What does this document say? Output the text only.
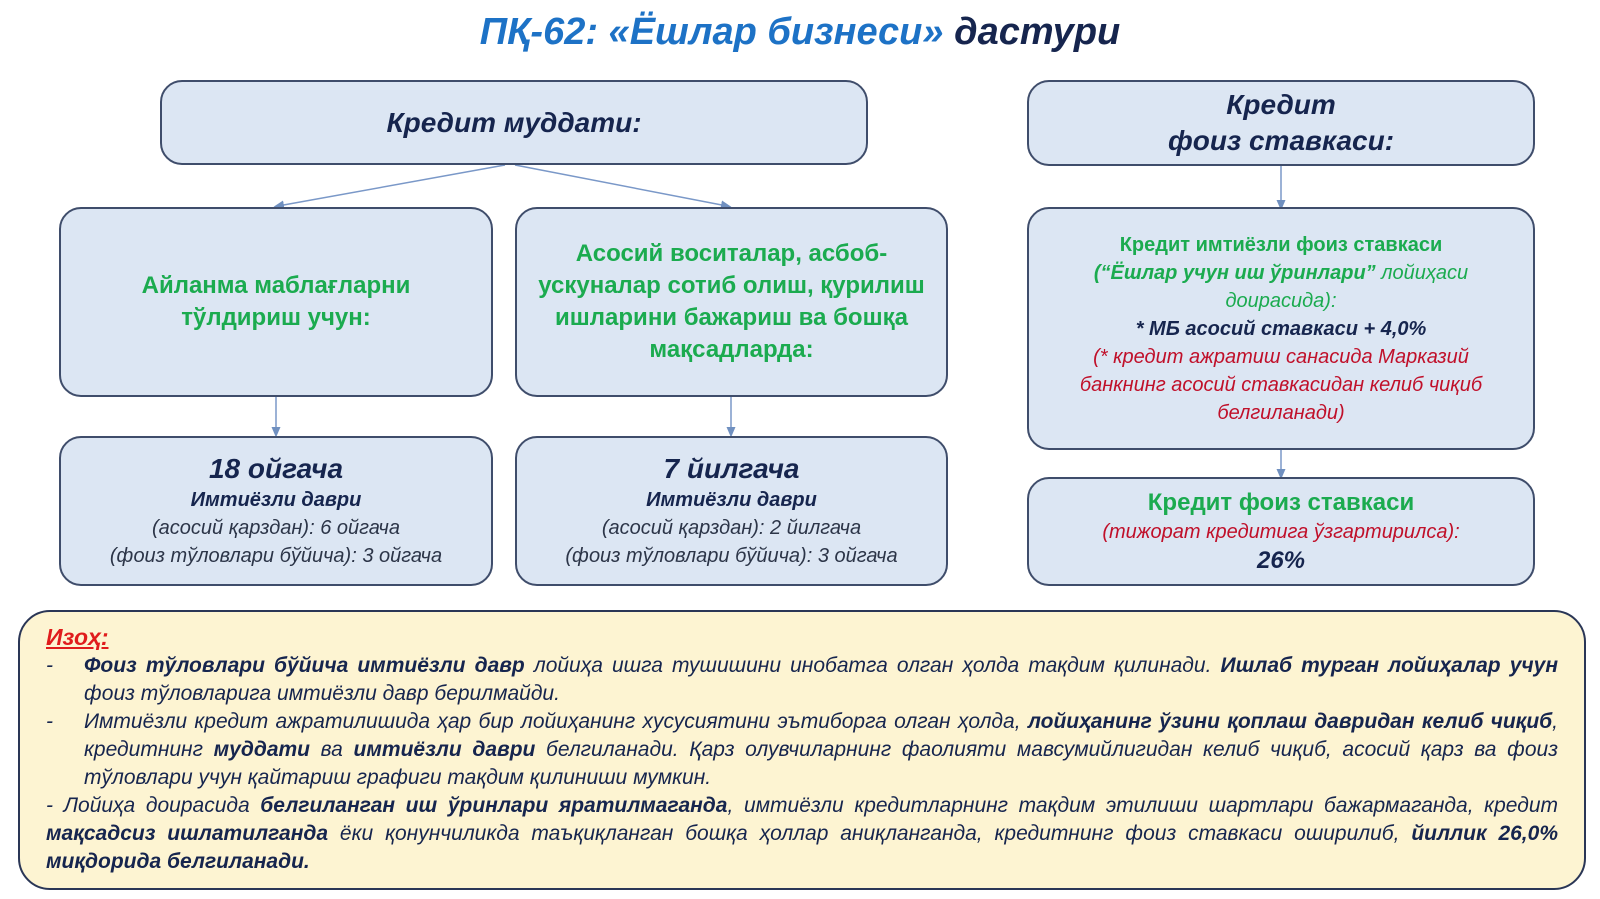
ПҚ-62: «Ёшлар бизнеси» дастури
Кредит муддати:
Кредит
фоиз ставкаси:
Айланма маблағларни тўлдириш учун:
Асосий воситалар, асбоб-ускуналар сотиб олиш, қурилиш ишларини бажариш ва бошқа мақсадларда:
18 ойгача
Имтиёзли даври
(асосий қарздан): 6 ойгача
(фоиз тўловлари бўйича): 3 ойгача
7 йилгача
Имтиёзли даври
(асосий қарздан): 2 йилгача
(фоиз тўловлари бўйича): 3 ойгача
Кредит имтиёзли фоиз ставкаси
(“Ёшлар учун иш ўринлари” лойиҳаси
доирасида):
* МБ асосий ставкаси + 4,0%
(* кредит ажратиш санасида Марказий банкнинг асосий ставкасидан келиб чиқиб белгиланади)
Кредит фоиз ставкаси
(тижорат кредитига ўзгартирилса):
26%
Изоҳ:
-	Фоиз тўловлари бўйича имтиёзли давр лойиҳа ишга тушишини инобатга олган ҳолда тақдим қилинади. Ишлаб турган лойиҳалар учун фоиз тўловларига имтиёзли давр берилмайди.
-	Имтиёзли кредит ажратилишида ҳар бир лойиҳанинг хусусиятини эътиборга олган ҳолда, лойиҳанинг ўзини қоплаш давридан келиб чиқиб, кредитнинг муддати ва имтиёзли даври белгиланади. Қарз олувчиларнинг фаолияти мавсумийлигидан келиб чиқиб, асосий қарз ва фоиз тўловлари учун қайтариш графиги тақдим қилиниши мумкин.
- Лойиҳа доирасида белгиланган иш ўринлари яратилмаганда, имтиёзли кредитларнинг тақдим этилиши шартлари бажармаганда, кредит мақсадсиз ишлатилганда ёки қонунчиликда таъқиқланган бошқа ҳоллар аниқланганда, кредитнинг фоиз ставкаси оширилиб, йиллик 26,0% миқдорида белгиланади.
